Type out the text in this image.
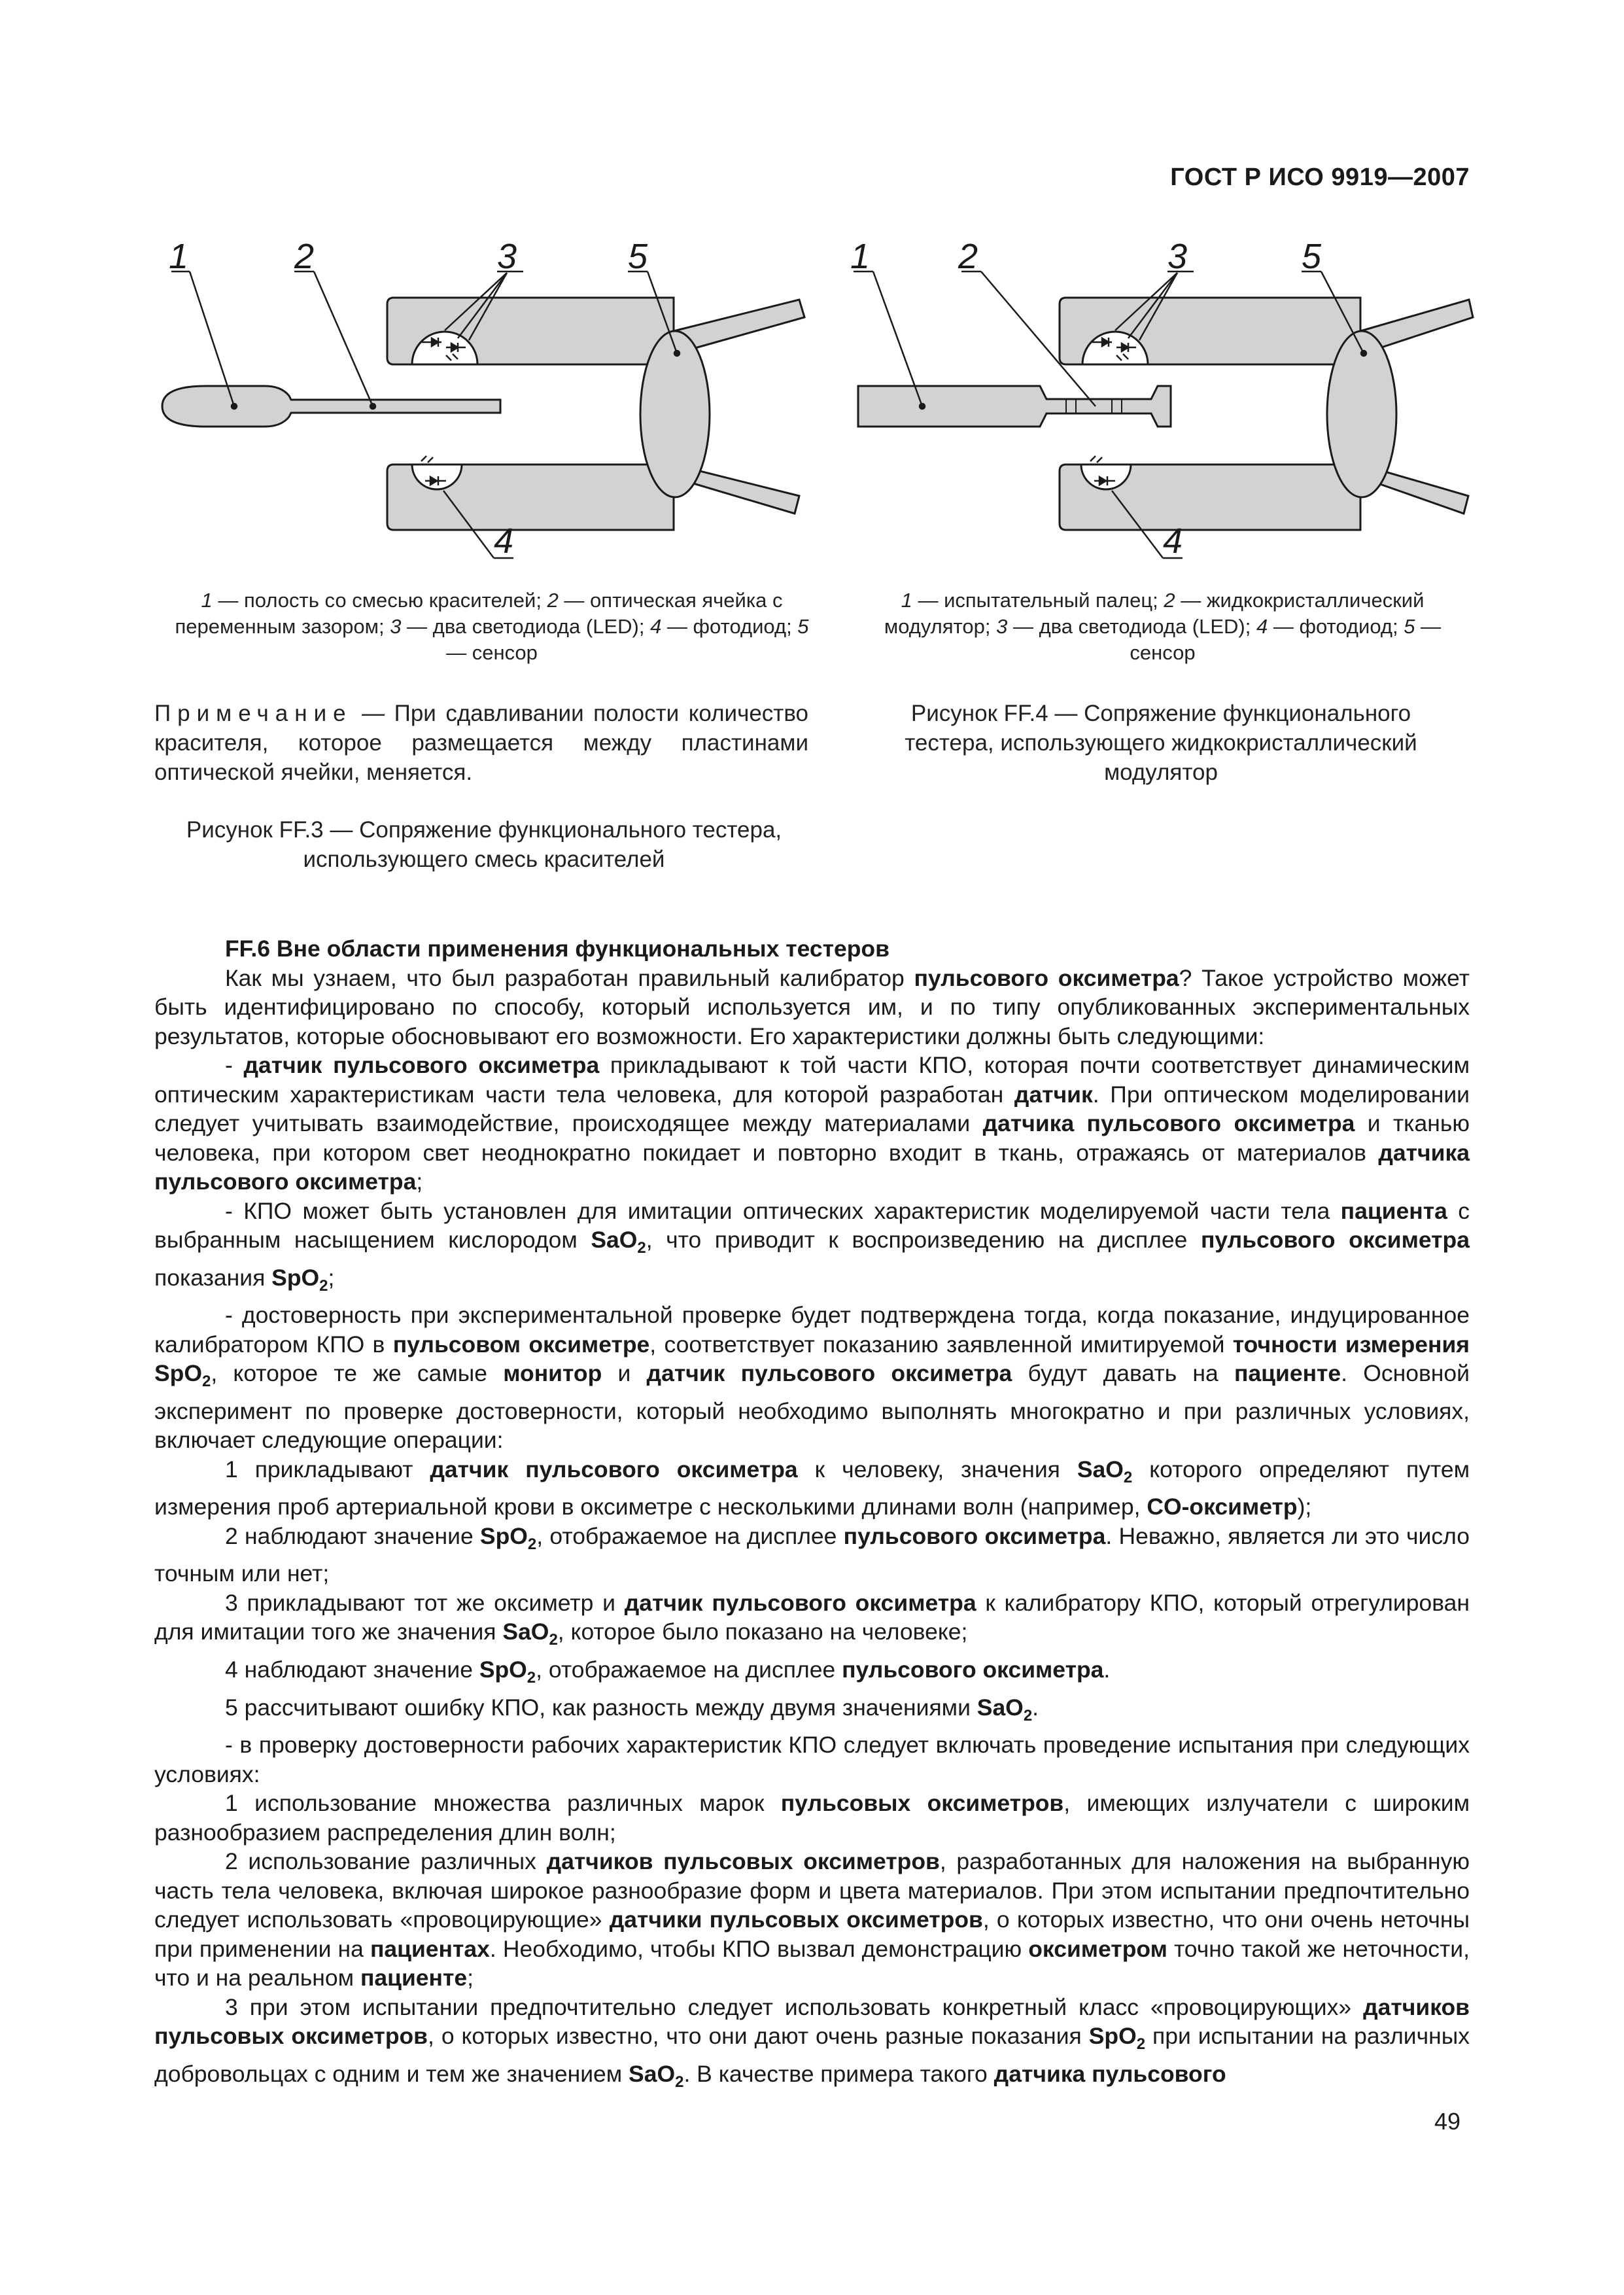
ГОСТ Р ИСО 9919—2007
1	2	3	5
4
1 — полость со смесью красителей; 2 — оптическая ячейка с переменным зазором; 3 — два светодиода (LED); 4 — фотодиод; 5 — сенсор
Примечание — При сдавливании полости количество красителя, которое размещается между пластинами оптической ячейки, меняется.
Рисунок FF.3 — Сопряжение функционального тестера, использующего смесь красителей
1 2	3	5
4
1 — испытательный палец; 2 — жидкокристаллический модулятор; 3 — два светодиода (LED); 4 — фотодиод; 5 — сенсор
Рисунок FF.4 — Сопряжение функционального тестера, использующего жидкокристаллический модулятор

FF.6 Вне области применения функциональных тестеров

Как мы узнаем, что был разработан правильный калибратор пульсового оксиметра? Такое устройство может быть идентифицировано по способу, который используется им, и по типу опубликованных экспериментальных результатов, которые обосновывают его возможности. Его характеристики должны быть следующими:

- датчик пульсового оксиметра прикладывают к той части КПО, которая почти соответствует динамическим оптическим характеристикам части тела человека, для которой разработан датчик. При оптическом моделировании следует учитывать взаимодействие, происходящее между материалами датчика пульсового оксиметра и тканью человека, при котором свет неоднократно покидает и повторно входит в ткань, отражаясь от материалов датчика пульсового оксиметра;

- КПО может быть установлен для имитации оптических характеристик моделируемой части тела пациента с выбранным насыщением кислородом SaO$_2$, что приводит к воспроизведению на дисплее пульсового оксиметра показания SpO$_2$;

- достоверность при экспериментальной проверке будет подтверждена тогда, когда показание, индуцированное калибратором КПО в пульсовом оксиметре, соответствует показанию заявленной имитируемой точности измерения SpO$_2$, которое те же самые монитор и датчик пульсового оксиметра будут давать на пациенте. Основной эксперимент по проверке достоверности, который необходимо выполнять многократно и при различных условиях, включает следующие операции:

1 прикладывают датчик пульсового оксиметра к человеку, значения SaO$_2$ которого определяют путем измерения проб артериальной крови в оксиметре с несколькими длинами волн (например, CO-оксиметр);

2 наблюдают значение SpO$_2$, отображаемое на дисплее пульсового оксиметра. Неважно, является ли это число точным или нет;

3 прикладывают тот же оксиметр и датчик пульсового оксиметра к калибратору КПО, который отрегулирован для имитации того же значения SaO$_2$, которое было показано на человеке;

4 наблюдают значение SpO$_2$, отображаемое на дисплее пульсового оксиметра.

5 рассчитывают ошибку КПО, как разность между двумя значениями SaO$_2$.

- в проверку достоверности рабочих характеристик КПО следует включать проведение испытания при следующих условиях:

1 использование множества различных марок пульсовых оксиметров, имеющих излучатели с широким разнообразием распределения длин волн;

2 использование различных датчиков пульсовых оксиметров, разработанных для наложения на выбранную часть тела человека, включая широкое разнообразие форм и цвета материалов. При этом испытании предпочтительно следует использовать «провоцирующие» датчики пульсовых оксиметров, о которых известно, что они очень неточны при применении на пациентах. Необходимо, чтобы КПО вызвал демонстрацию оксиметром точно такой же неточности, что и на реальном пациенте;

3 при этом испытании предпочтительно следует использовать конкретный класс «провоцирующих» датчиков пульсовых оксиметров, о которых известно, что они дают очень разные показания SpO$_2$ при испытании на различных добровольцах с одним и тем же значением SaO$_2$. В качестве примера такого датчика пульсового

49
